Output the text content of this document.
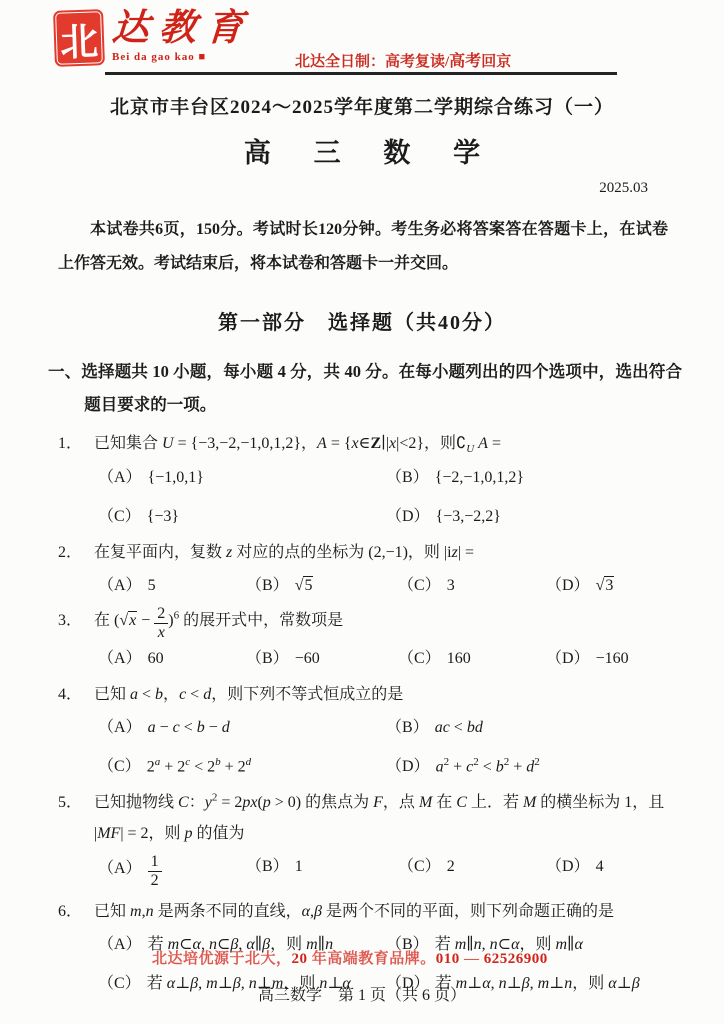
北 达教育
Bei da gao kao ■	北达全日制：高考复读/高考回京
北京市丰台区2024～2025学年度第二学期综合练习（一）
高 三 数 学
2025.03
本试卷共6页，150分。考试时长120分钟。考生务必将答案答在答题卡上，在试卷上作答无效。考试结束后，将本试卷和答题卡一并交回。
第一部分　选择题（共40分）
一、选择题共 10 小题，每小题 4 分，共 40 分。在每小题列出的四个选项中，选出符合题目要求的一项。
1． 已知集合 U = {−3,−2,−1,0,1,2}，A = {x∈Z∣|x|<2}，则$∁_U$ A =
（A） {−1,0,1}	（B） {−2,−1,0,1,2}
（C） {−3}	（D） {−3,−2,2}
2． 在复平面内，复数 z 对应的点的坐标为 (2,−1)，则 |iz| =
（A） 5	（B） √5	（C） 3	（D） √3
3． 在 $(√x - \frac{2}{x} )^6$ 的展开式中，常数项是
（A） 60	（B） −60	（C） 160	（D） −160
4． 已知 a < b，c < d，则下列不等式恒成立的是
（A） a − c < b − d	（B） ac < bd
（C） $2^a + 2^c < 2^b + 2^d$	（D） $a^2 + c^2 < b^2 + d^2$
5． 已知抛物线 C：$y^2 = 2px(p > 0)$ 的焦点为 F，点 M 在 C 上．若 M 的横坐标为 1，且
|MF| = 2，则 p 的值为
$(A) \frac{1}{2}$	（B） 1	（C） 2	（D） 4
6． 已知 m,n 是两条不同的直线，α,β 是两个不同的平面，则下列命题正确的是
（A） 若 m⊂α, n⊂β, α∥β，则 m∥n	（B） 若 m∥n, n⊂α，则 m∥α
（C） 若 α⊥β, m⊥β, n⊥m，则 n⊥α	（D） 若 m⊥α, n⊥β, m⊥n，则 α⊥β
北达培优源于北大，20 年高端教育品牌。010 — 62526900
高三数学　第 1 页（共 6 页）
